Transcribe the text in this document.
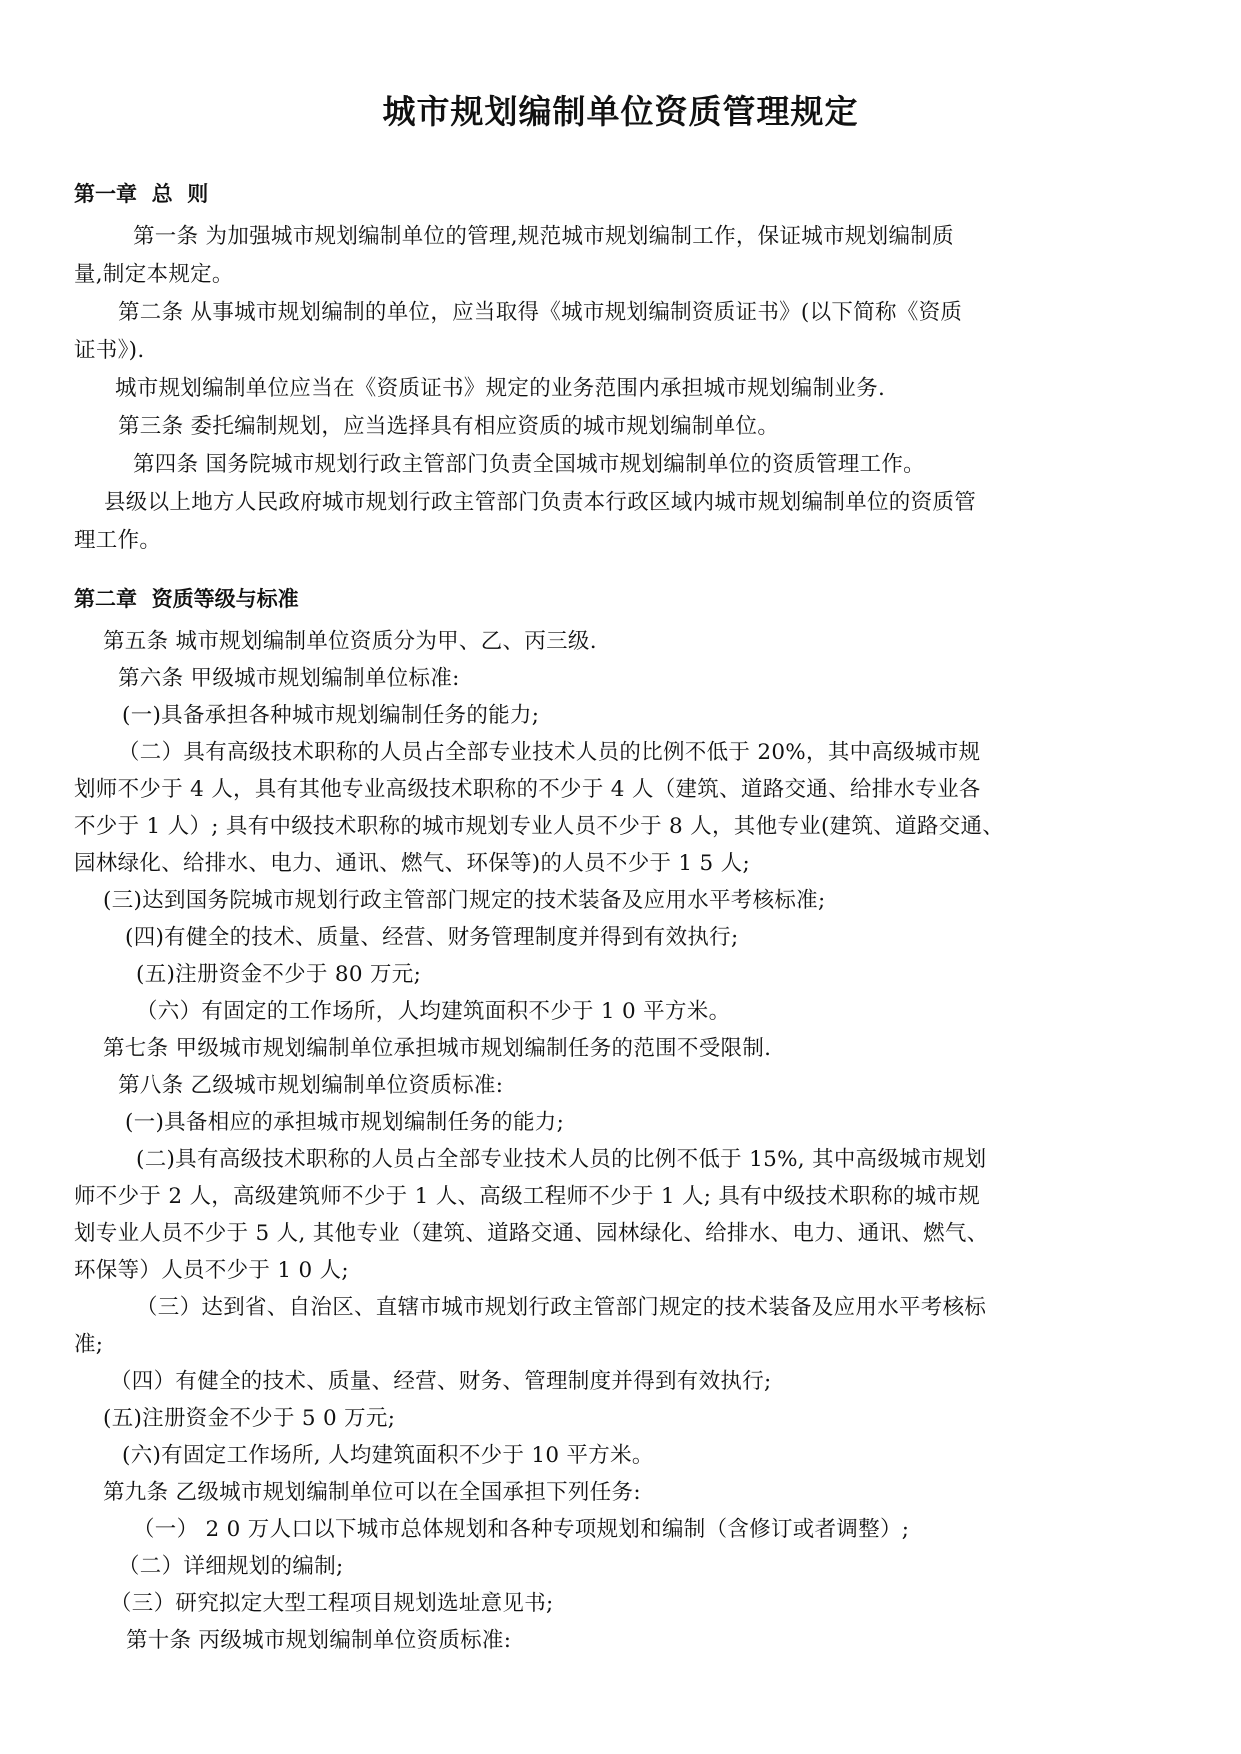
城市规划编制单位资质管理规定
第一章  总  则
第一条 为加强城市规划编制单位的管理,规范城市规划编制工作，保证城市规划编制质
量,制定本规定。
第二条 从事城市规划编制的单位，应当取得《城市规划编制资质证书》(以下简称《资质
证书》).
城市规划编制单位应当在《资质证书》规定的业务范围内承担城市规划编制业务.
第三条 委托编制规划，应当选择具有相应资质的城市规划编制单位。
第四条 国务院城市规划行政主管部门负责全国城市规划编制单位的资质管理工作。
县级以上地方人民政府城市规划行政主管部门负责本行政区域内城市规划编制单位的资质管
理工作。
第二章  资质等级与标准
第五条 城市规划编制单位资质分为甲、乙、丙三级.
第六条 甲级城市规划编制单位标准:
(一)具备承担各种城市规划编制任务的能力;
（二）具有高级技术职称的人员占全部专业技术人员的比例不低于 20%，其中高级城市规
划师不少于 4 人，具有其他专业高级技术职称的不少于 4 人（建筑、道路交通、给排水专业各
不少于 1 人）; 具有中级技术职称的城市规划专业人员不少于 8 人，其他专业(建筑、道路交通、
园林绿化、给排水、电力、通讯、燃气、环保等)的人员不少于 1 5 人;
(三)达到国务院城市规划行政主管部门规定的技术装备及应用水平考核标准;
(四)有健全的技术、质量、经营、财务管理制度并得到有效执行;
(五)注册资金不少于 80 万元;
（六）有固定的工作场所，人均建筑面积不少于 1 0 平方米。
第七条 甲级城市规划编制单位承担城市规划编制任务的范围不受限制.
第八条 乙级城市规划编制单位资质标准:
(一)具备相应的承担城市规划编制任务的能力;
(二)具有高级技术职称的人员占全部专业技术人员的比例不低于 15%, 其中高级城市规划
师不少于 2 人，高级建筑师不少于 1 人、高级工程师不少于 1 人; 具有中级技术职称的城市规
划专业人员不少于 5 人, 其他专业（建筑、道路交通、园林绿化、给排水、电力、通讯、燃气、
环保等）人员不少于 1 0 人;
（三）达到省、自治区、直辖市城市规划行政主管部门规定的技术装备及应用水平考核标
准;
（四）有健全的技术、质量、经营、财务、管理制度并得到有效执行;
(五)注册资金不少于 5 0 万元;
(六)有固定工作场所, 人均建筑面积不少于 10 平方米。
第九条 乙级城市规划编制单位可以在全国承担下列任务:
（一） 2 0 万人口以下城市总体规划和各种专项规划和编制（含修订或者调整）;
（二）详细规划的编制;
（三）研究拟定大型工程项目规划选址意见书;
第十条 丙级城市规划编制单位资质标准:
